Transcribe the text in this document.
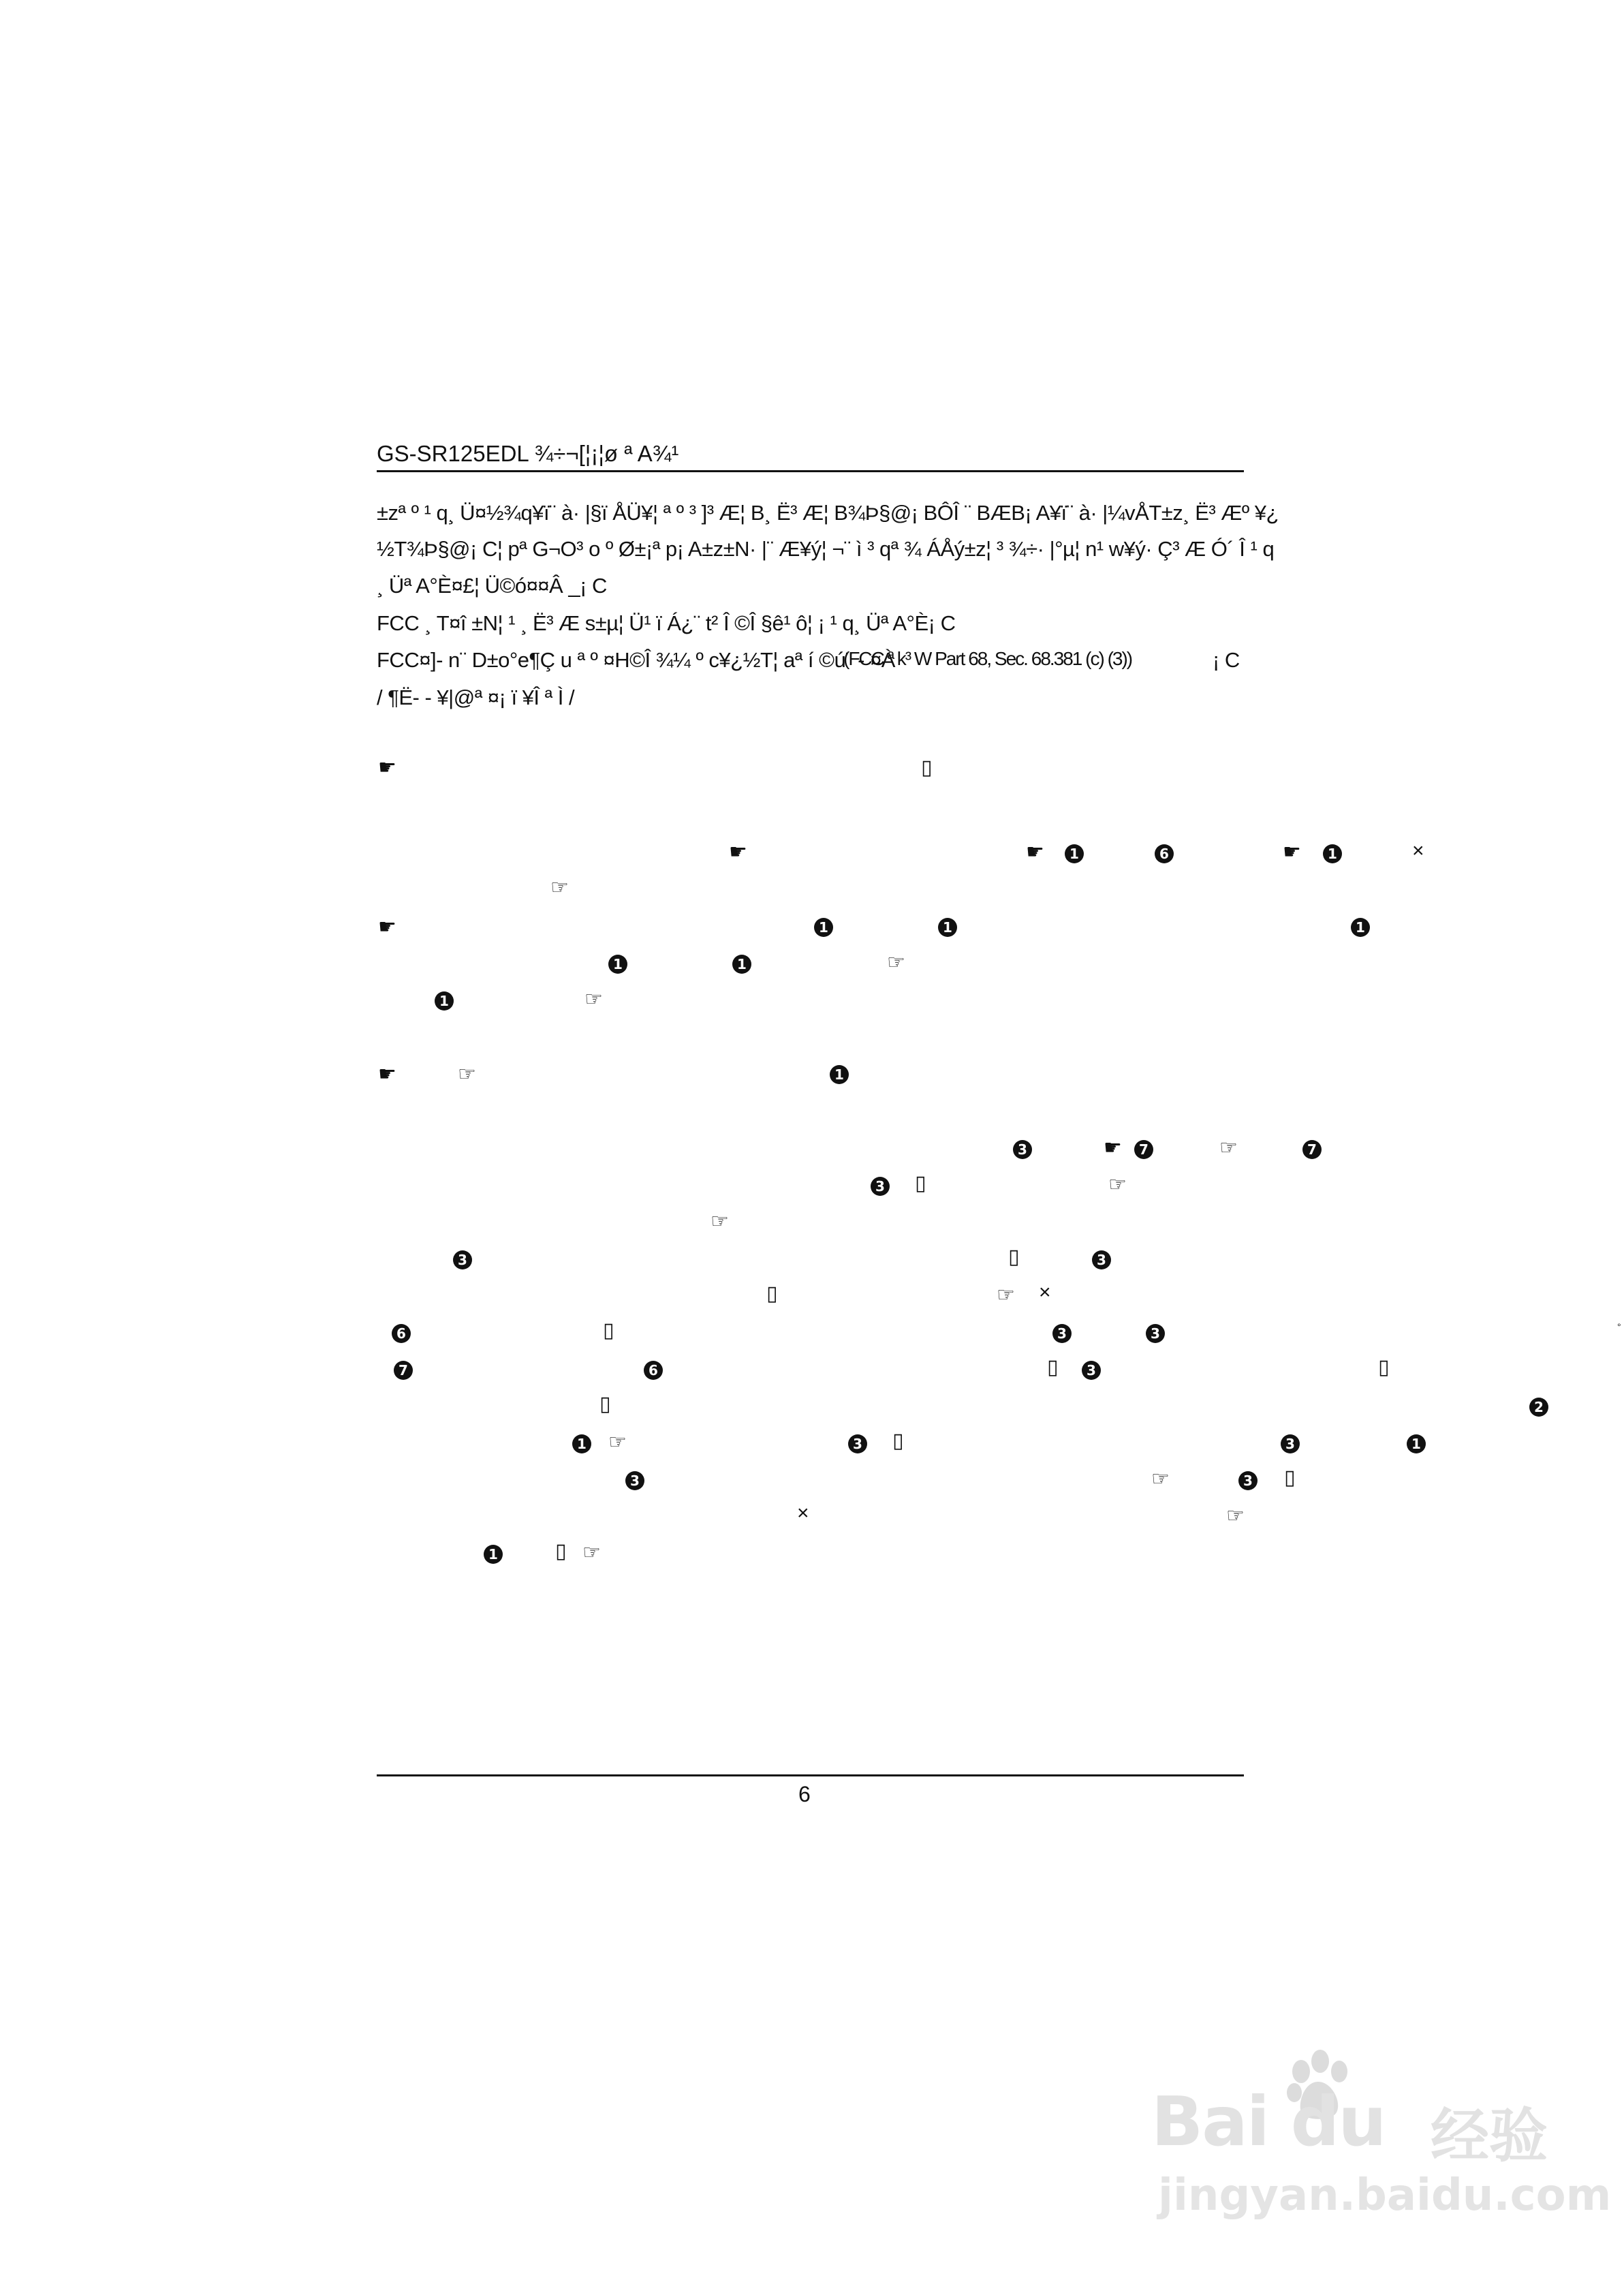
GS-SR125EDL ¾÷¬[¦¡¦ø ª A¾¹
±zª º ¹ q¸ Ü¤½¾q¥ï¨ à· |§ï ÅÜ¥¦ ª º ³ ]³ Æ¦ B¸ Ë³ Æ¦ B¾Þ§@¡ BÔÎ ¨ BÆB¡ A¥ï¨ à· |¼vÅT±z¸ Ë³ Æº ¥¿
½T¾Þ§@¡ C¦ pª G¬O³ o º Ø±¡ª p¡ A±z±N· |¨ Æ¥ý¦ ¬¨ ì ³ qª ¾ ÁÅý±z¦ ³ ¾÷· |°µ¦ n¹ w¥ý· Ç³ Æ Ó´ Î ¹ q
¸ Üª A°È¤£¦ Ü©ó¤¤Â _¡ C
FCC ¸ T¤î ±N¦ ¹ ¸ Ë³ Æ s±µ¦ Ü¹ ï Á¿¨ t² Î ©Î §ê¹ ô¦ ¡ ¹ q¸ Üª A°È¡ C
FCC¤]- n¨ D±o°e¶Ç u ª º ¤H©Î ¾¼ º c¥¿½T¦ aª í ©ú¨ - ¤À
(FCC ª k³ W Part 68, Sec. 68.381 (c) (3))	¡ C
/ ¶Ë- - ¥|@ª ¤¡ ï ¥Î ª Ì /
☛	▯
☛	☛	1	6	☛	1	×
☞
☛	1	1	1
1	1	☞
1	☞
☛	☞	1
3	☛	7	☞	7
3 ▯	☞
☞
3	▯	3
▯	☞ ×
6	▯	3	3	°
7	6	▯	3	▯
▯	2
1 ☞	3 ▯	3	1
3	☞	3 ▯
×	☞
1	▯ ☞
6
Bai du 经验
jingyan.baidu.com
